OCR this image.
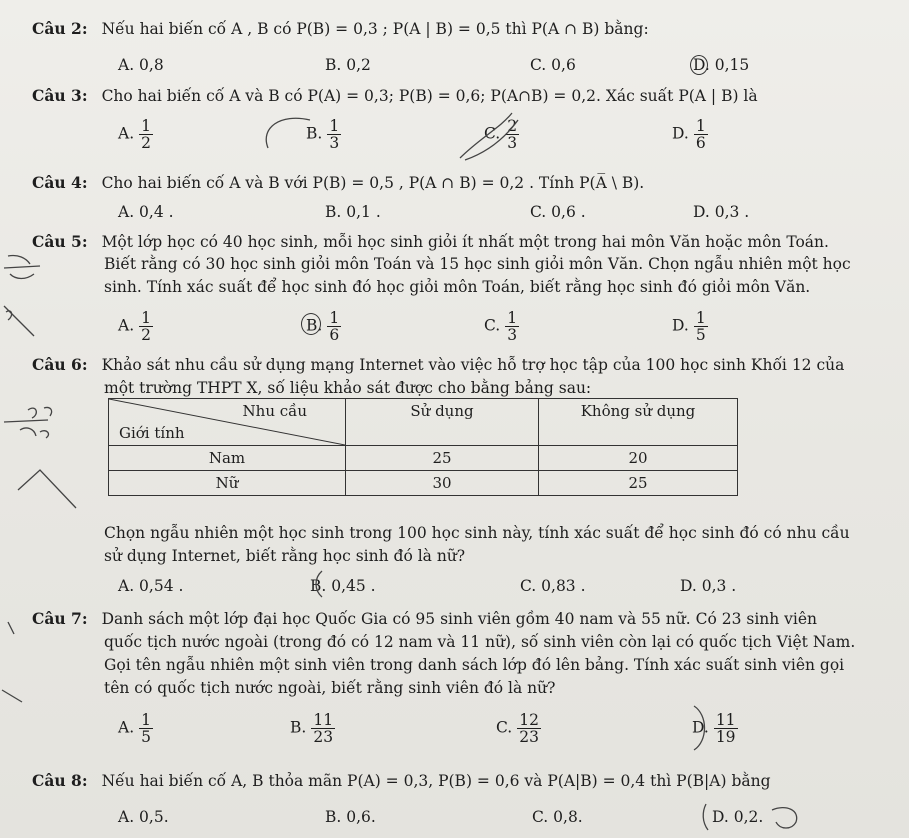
Câu 2: Nếu hai biến cố A , B có P(B) = 0,3 ; P(A | B) = 0,5 thì P(A ∩ B) bằng:
A. 0,8	B. 0,2	C. 0,6	D. 0,15
Câu 3: Cho hai biến cố A và B có P(A) = 0,3; P(B) = 0,6; P(A∩B) = 0,2. Xác suất P(A | B) là
A. $\frac{1}{2}$	B. $\frac{1}{3}$	C. $\frac{2}{3}$	D. $\frac{1}{6}$
Câu 4: Cho hai biến cố A và B với P(B) = 0,5 , P(A ∩ B) = 0,2 . Tính P(A̅ \ B).
A. 0,4 .	B. 0,1 .	C. 0,6 .	D. 0,3 .
Câu 5: Một lớp học có 40 học sinh, mỗi học sinh giỏi ít nhất một trong hai môn Văn hoặc môn Toán.
Biết rằng có 30 học sinh giỏi môn Toán và 15 học sinh giỏi môn Văn. Chọn ngẫu nhiên một học
sinh. Tính xác suất để học sinh đó học giỏi môn Toán, biết rằng học sinh đó giỏi môn Văn.
A. $\frac{1}{2}$	B. $\frac{1}{6}$	C. $\frac{1}{3}$	D. $\frac{1}{5}$
Câu 6: Khảo sát nhu cầu sử dụng mạng Internet vào việc hỗ trợ học tập của 100 học sinh Khối 12 của
một trường THPT X, số liệu khảo sát được cho bằng bảng sau:
Nhu cầu
Giới tính	Sử dụng	Không sử dụng
Nam	25	20
Nữ	30	25
Chọn ngẫu nhiên một học sinh trong 100 học sinh này, tính xác suất để học sinh đó có nhu cầu
sử dụng Internet, biết rằng học sinh đó là nữ?
A. 0,54 .	B. 0,45 .	C. 0,83 .	D. 0,3 .
Câu 7: Danh sách một lớp đại học Quốc Gia có 95 sinh viên gồm 40 nam và 55 nữ. Có 23 sinh viên
quốc tịch nước ngoài (trong đó có 12 nam và 11 nữ), số sinh viên còn lại có quốc tịch Việt Nam.
Gọi tên ngẫu nhiên một sinh viên trong danh sách lớp đó lên bảng. Tính xác suất sinh viên gọi
tên có quốc tịch nước ngoài, biết rằng sinh viên đó là nữ?
A. $\frac{1}{5}$	B. $\frac{11}{23}$	C. $\frac{12}{23}$	D. $\frac{11}{19}$
Câu 8: Nếu hai biến cố A, B thỏa mãn P(A) = 0,3, P(B) = 0,6 và P(A|B) = 0,4 thì P(B|A) bằng
A. 0,5.	B. 0,6.	C. 0,8.	D. 0,2.
